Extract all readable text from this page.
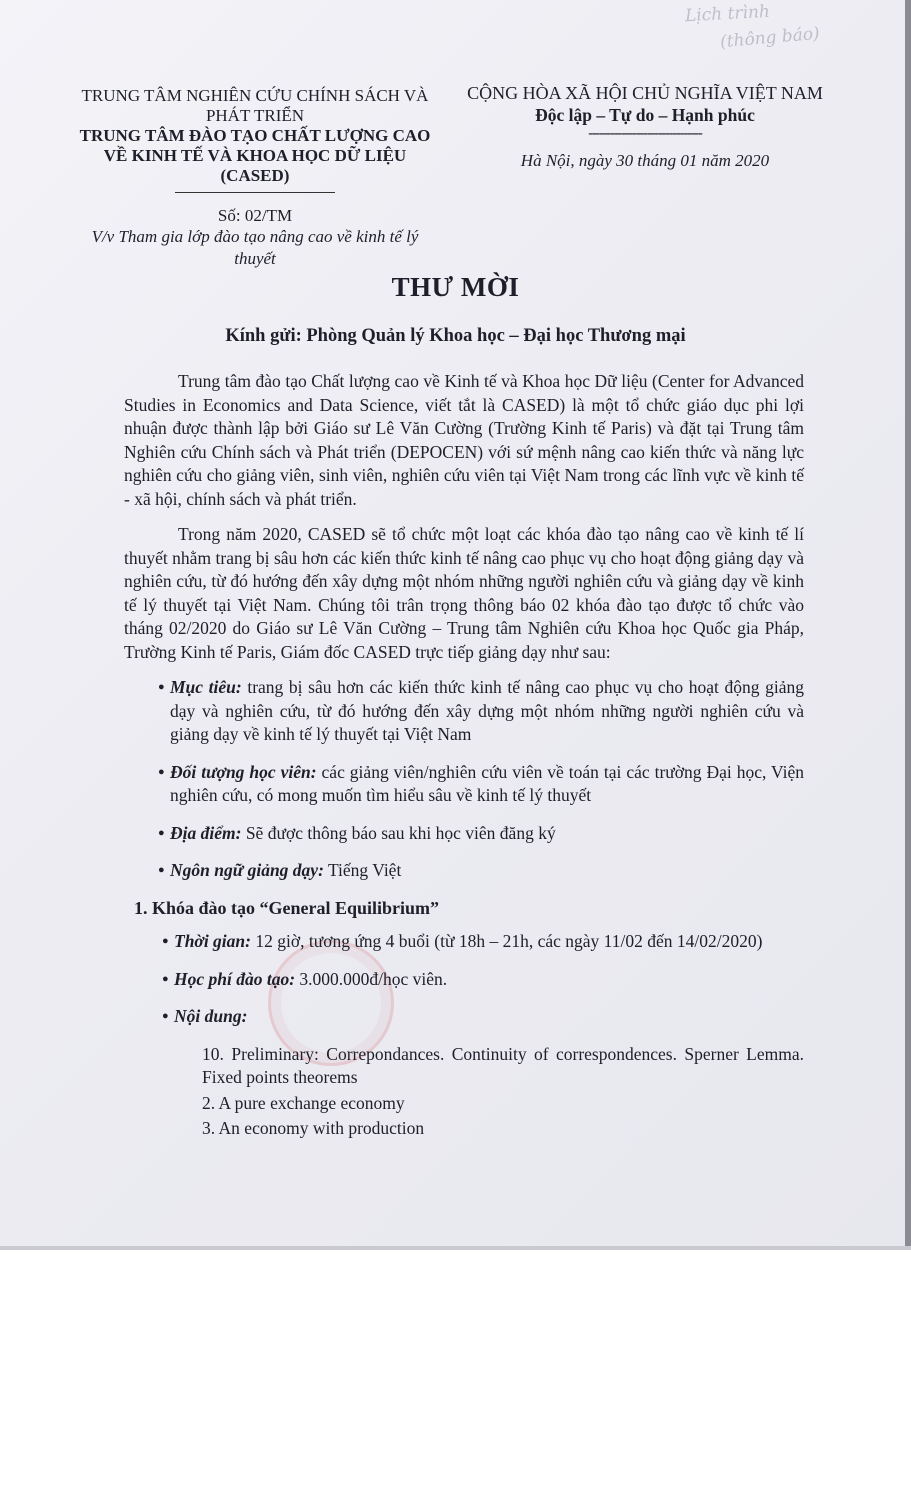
Lịch trình
(thông báo)
TRUNG TÂM NGHIÊN CỨU CHÍNH SÁCH VÀ PHÁT TRIỂN
TRUNG TÂM ĐÀO TẠO CHẤT LƯỢNG CAO VỀ KINH TẾ VÀ KHOA HỌC DỮ LIỆU (CASED)
Số: 02/TM
V/v Tham gia lớp đào tạo nâng cao về kinh tế lý thuyết
CỘNG HÒA XÃ HỘI CHỦ NGHĨA VIỆT NAM
Độc lập – Tự do – Hạnh phúc
-------------------------------
Hà Nội, ngày 30 tháng 01 năm 2020
THƯ MỜI
Kính gửi: Phòng Quản lý Khoa học – Đại học Thương mại

Trung tâm đào tạo Chất lượng cao về Kinh tế và Khoa học Dữ liệu (Center for Advanced Studies in Economics and Data Science, viết tắt là CASED) là một tổ chức giáo dục phi lợi nhuận được thành lập bởi Giáo sư Lê Văn Cường (Trường Kinh tế Paris) và đặt tại Trung tâm Nghiên cứu Chính sách và Phát triển (DEPOCEN) với sứ mệnh nâng cao kiến thức và năng lực nghiên cứu cho giảng viên, sinh viên, nghiên cứu viên tại Việt Nam trong các lĩnh vực về kinh tế - xã hội, chính sách và phát triển.

Trong năm 2020, CASED sẽ tổ chức một loạt các khóa đào tạo nâng cao về kinh tế lí thuyết nhằm trang bị sâu hơn các kiến thức kinh tế nâng cao phục vụ cho hoạt động giảng dạy và nghiên cứu, từ đó hướng đến xây dựng một nhóm những người nghiên cứu và giảng dạy về kinh tế lý thuyết tại Việt Nam. Chúng tôi trân trọng thông báo 02 khóa đào tạo được tổ chức vào tháng 02/2020 do Giáo sư Lê Văn Cường – Trung tâm Nghiên cứu Khoa học Quốc gia Pháp, Trường Kinh tế Paris, Giám đốc CASED trực tiếp giảng dạy như sau:

● Mục tiêu: trang bị sâu hơn các kiến thức kinh tế nâng cao phục vụ cho hoạt động giảng dạy và nghiên cứu, từ đó hướng đến xây dựng một nhóm những người nghiên cứu và giảng dạy về kinh tế lý thuyết tại Việt Nam
● Đối tượng học viên: các giảng viên/nghiên cứu viên về toán tại các trường Đại học, Viện nghiên cứu, có mong muốn tìm hiểu sâu về kinh tế lý thuyết
● Địa điểm: Sẽ được thông báo sau khi học viên đăng ký
● Ngôn ngữ giảng dạy: Tiếng Việt
1. Khóa đào tạo “General Equilibrium”
● Thời gian: 12 giờ, tương ứng 4 buổi (từ 18h – 21h, các ngày 11/02 đến 14/02/2020)
● Học phí đào tạo: 3.000.000đ/học viên.
● Nội dung:
10. Preliminary: Correpondances. Continuity of correspondences. Sperner Lemma. Fixed points theorems
2. A pure exchange economy
3. An economy with production
